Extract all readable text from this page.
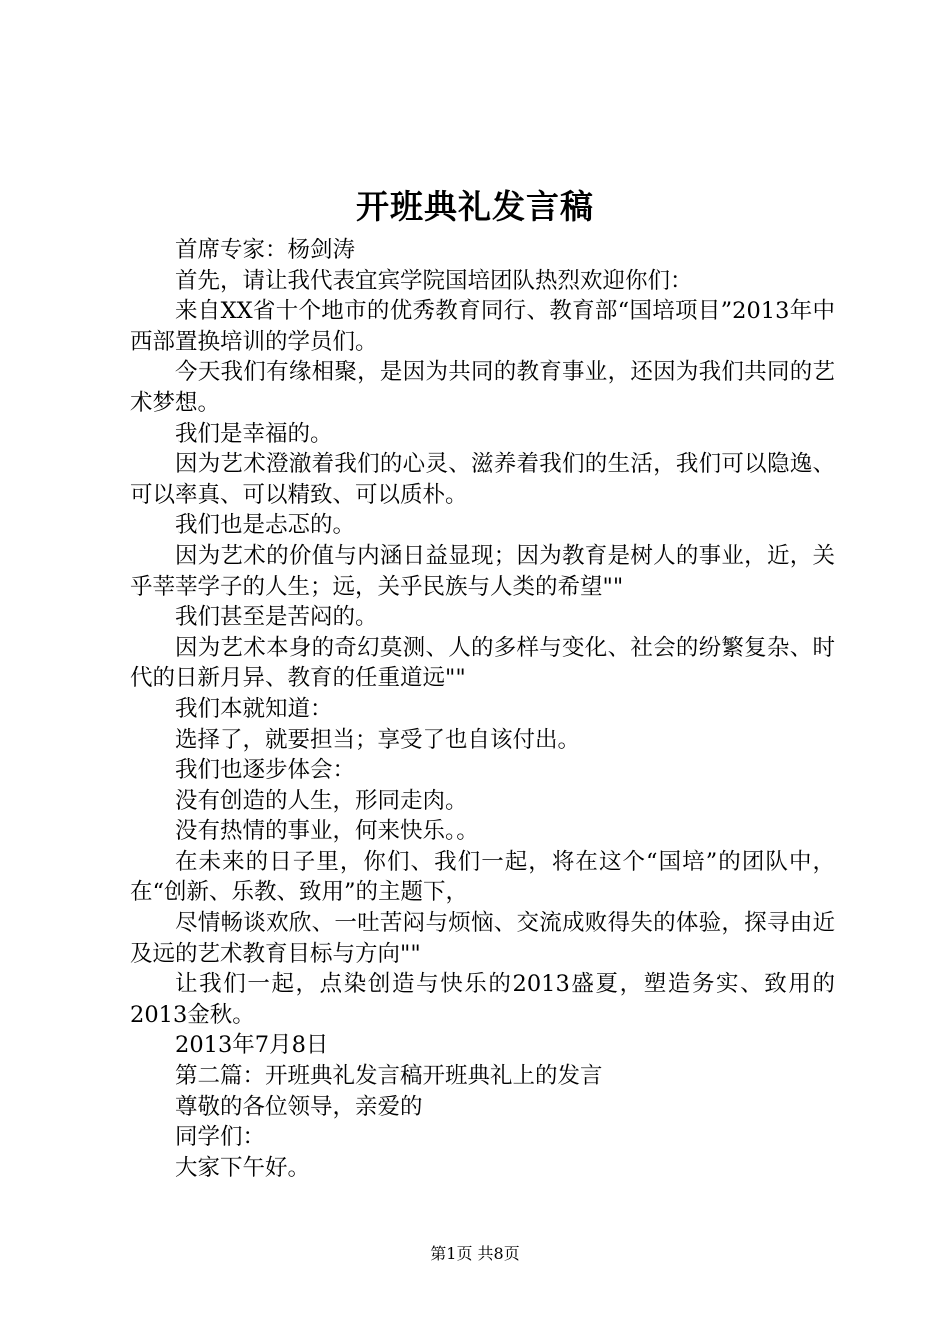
开班典礼发言稿

首席专家：杨剑涛

首先，请让我代表宜宾学院国培团队热烈欢迎你们：

来自XX省十个地市的优秀教育同行、教育部“国培项目”2013年中西部置换培训的学员们。

今天我们有缘相聚，是因为共同的教育事业，还因为我们共同的艺术梦想。

我们是幸福的。

因为艺术澄澈着我们的心灵、滋养着我们的生活，我们可以隐逸、可以率真、可以精致、可以质朴。

我们也是忐忑的。

因为艺术的价值与内涵日益显现；因为教育是树人的事业，近，关乎莘莘学子的人生；远，关乎民族与人类的希望""

我们甚至是苦闷的。

因为艺术本身的奇幻莫测、人的多样与变化、社会的纷繁复杂、时代的日新月异、教育的任重道远""

我们本就知道：

选择了，就要担当；享受了也自该付出。

我们也逐步体会：

没有创造的人生，形同走肉。

没有热情的事业，何来快乐。。

在未来的日子里，你们、我们一起，将在这个“国培”的团队中，在“创新、乐教、致用”的主题下，

尽情畅谈欢欣、一吐苦闷与烦恼、交流成败得失的体验，探寻由近及远的艺术教育目标与方向""

让我们一起，点染创造与快乐的2013盛夏，塑造务实、致用的2013金秋。

2013年7月8日

第二篇：开班典礼发言稿开班典礼上的发言

尊敬的各位领导，亲爱的

同学们：

大家下午好。

第1页 共8页
